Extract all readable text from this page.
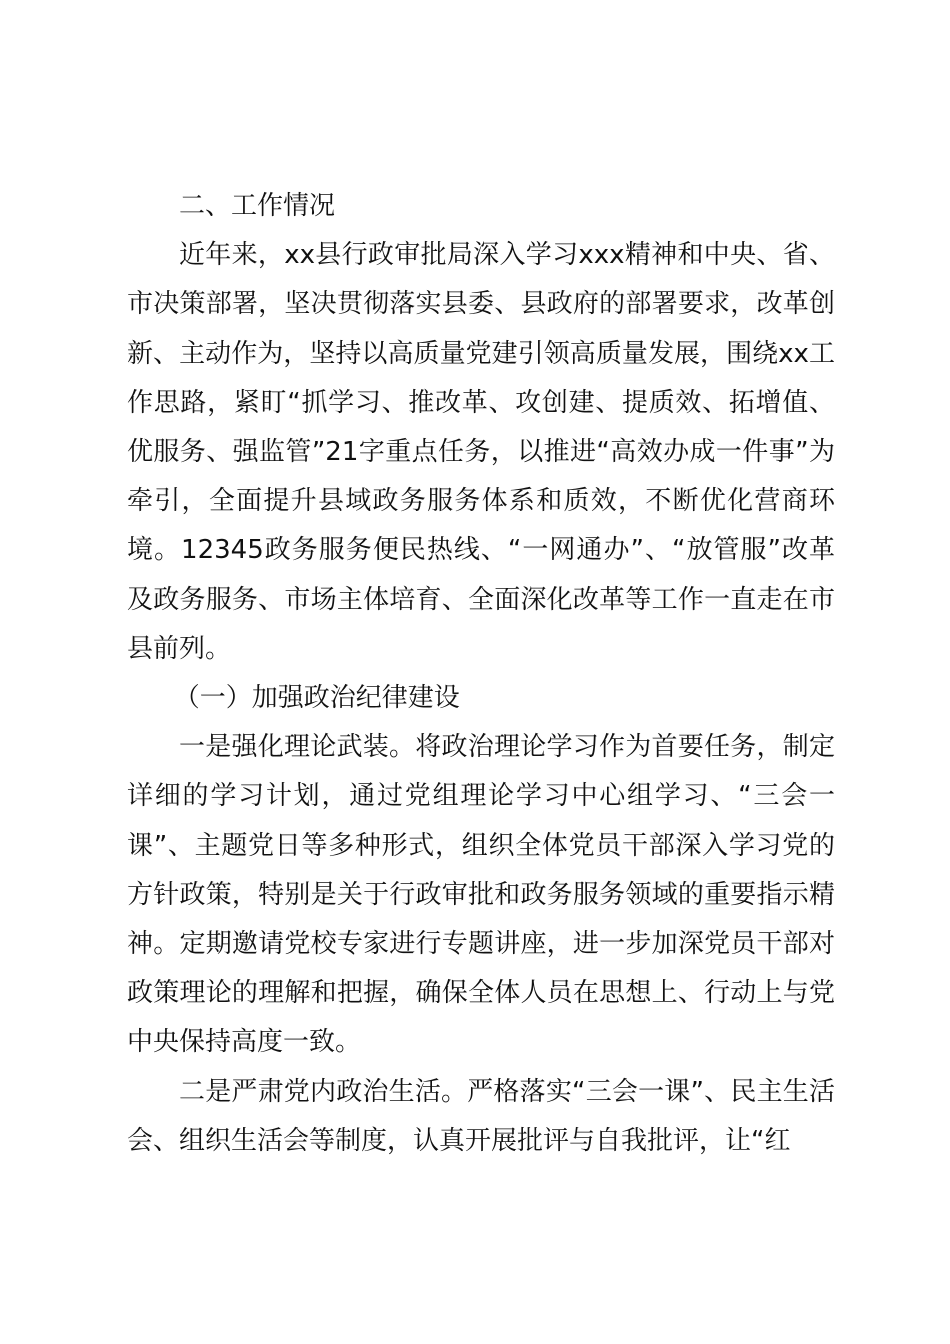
二、工作情况

近年来，xx县行政审批局深入学习xxx精神和中央、省、市决策部署，坚决贯彻落实县委、县政府的部署要求，改革创新、主动作为，坚持以高质量党建引领高质量发展，围绕xx工作思路，紧盯“抓学习、推改革、攻创建、提质效、拓增值、优服务、强监管”21字重点任务，以推进“高效办成一件事”为牵引，全面提升县域政务服务体系和质效，不断优化营商环境。12345政务服务便民热线、“一网通办”、“放管服”改革及政务服务、市场主体培育、全面深化改革等工作一直走在市县前列。

（一）加强政治纪律建设

一是强化理论武装。将政治理论学习作为首要任务，制定详细的学习计划，通过党组理论学习中心组学习、“三会一课”、主题党日等多种形式，组织全体党员干部深入学习党的方针政策，特别是关于行政审批和政务服务领域的重要指示精神。定期邀请党校专家进行专题讲座，进一步加深党员干部对政策理论的理解和把握，确保全体人员在思想上、行动上与党中央保持高度一致。

二是严肃党内政治生活。严格落实“三会一课”、民主生活会、组织生活会等制度，认真开展批评与自我批评，让“红
